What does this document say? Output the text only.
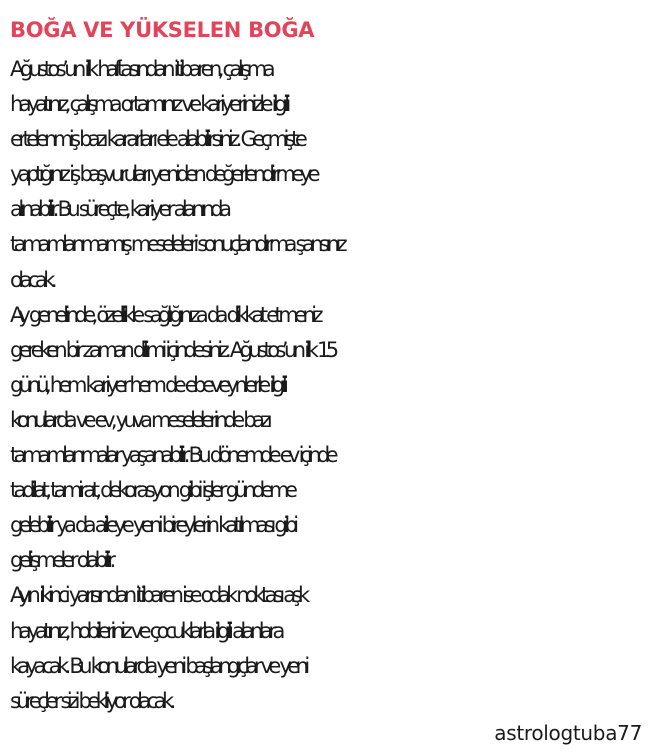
BOĞA VE YÜKSELEN BOĞA
Ağustos’un ilk haftasından itibaren, çalışma
hayatınız, çalışma ortamınız ve kariyerinizle ilgili
ertelenmiş bazı kararları ele alabilirsiniz. Geçmişte
yaptığınız iş başvuruları yeniden değerlendirmeye
alınabilir. Bu süreçte, kariyer alanında
tamamlanmamış meseleleri sonuçlandırma şansınız
olacak.
Ay genelinde, özellikle sağlığınıza da dikkat etmeniz
gereken bir zaman dilimi içindesiniz. Ağustos’un ilk 15
günü, hem kariyer hem de ebeveynlerle ilgili
konularda ve ev, yuva meselelerinde bazı
tamamlanmalar yaşanabilir. Bu dönemde ev içinde
tadilat, tamirat, dekorasyon gibi işler gündeme
gelebilir ya da aileye yeni bireylerin katılması gibi
gelişmeler olabilir.
Ayın ikinci yarısından itibaren ise odak noktası aşk
hayatınız, hobileriniz ve çocuklarla ilgili alanlara
kayacak. Bu konularda yeni başlangıçlar ve yeni
süreçler sizi bekliyor olacak.
astrologtuba77
